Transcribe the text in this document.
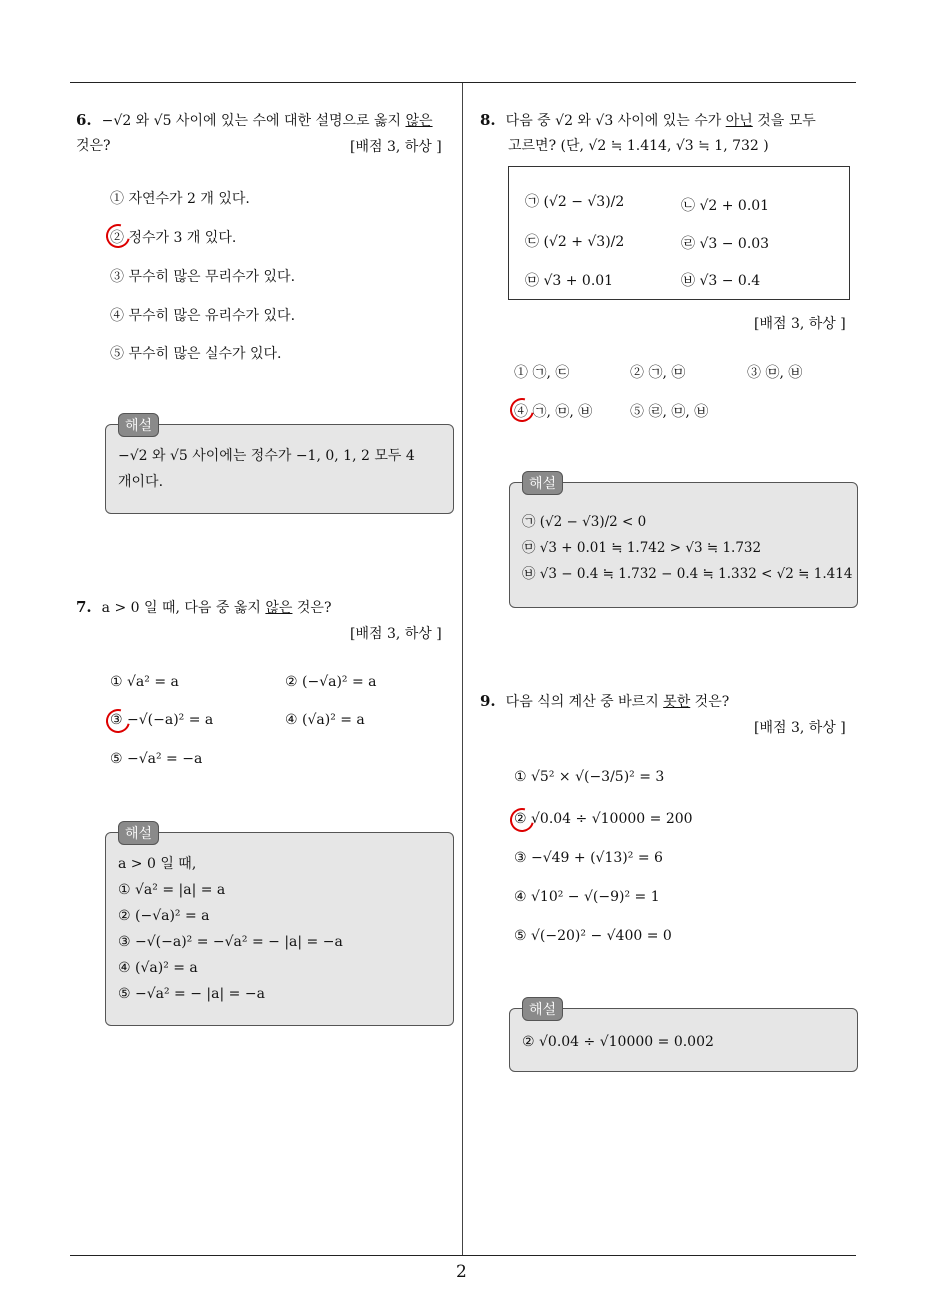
2
6. −√2 와 √5 사이에 있는 수에 대한 설명으로 옳지 않은
것은?	[배점 3, 하상 ]
① 자연수가 2 개 있다.
② 정수가 3 개 있다.
③ 무수히 많은 무리수가 있다.
④ 무수히 많은 유리수가 있다.
⑤ 무수히 많은 실수가 있다.
−√2 와 √5 사이에는 정수가 −1, 0, 1, 2 모두 4
개이다.
해설
7. a > 0 일 때, 다음 중 옳지 않은 것은?
[배점 3, 하상 ]
① √a² = a	② (−√a)² = a
③ −√(−a)² = a	④ (√a)² = a
⑤ −√a² = −a
a > 0 일 때,
① √a² = |a| = a
② (−√a)² = a
③ −√(−a)² = −√a² = − |a| = −a
④ (√a)² = a
⑤ −√a² = − |a| = −a
해설
8. 다음 중 √2 와 √3 사이에 있는 수가 아닌 것을 모두
고르면? (단, √2 ≒ 1.414, √3 ≒ 1, 732 )
㉠ (√2 − √3)/2	㉡ √2 + 0.01
㉢ (√2 + √3)/2	㉣ √3 − 0.03
㉤ √3 + 0.01	㉥ √3 − 0.4
[배점 3, 하상 ]
① ㉠, ㉢	② ㉠, ㉤	③ ㉤, ㉥
④ ㉠, ㉤, ㉥	⑤ ㉣, ㉤, ㉥
㉠ (√2 − √3)/2 < 0
㉤ √3 + 0.01 ≒ 1.742 > √3 ≒ 1.732
㉥ √3 − 0.4 ≒ 1.732 − 0.4 ≒ 1.332 < √2 ≒ 1.414
해설
9. 다음 식의 계산 중 바르지 못한 것은?
[배점 3, 하상 ]
① √5² × √(−3/5)² = 3
② √0.04 ÷ √10000 = 200
③ −√49 + (√13)² = 6
④ √10² − √(−9)² = 1
⑤ √(−20)² − √400 = 0
② √0.04 ÷ √10000 = 0.002
해설
